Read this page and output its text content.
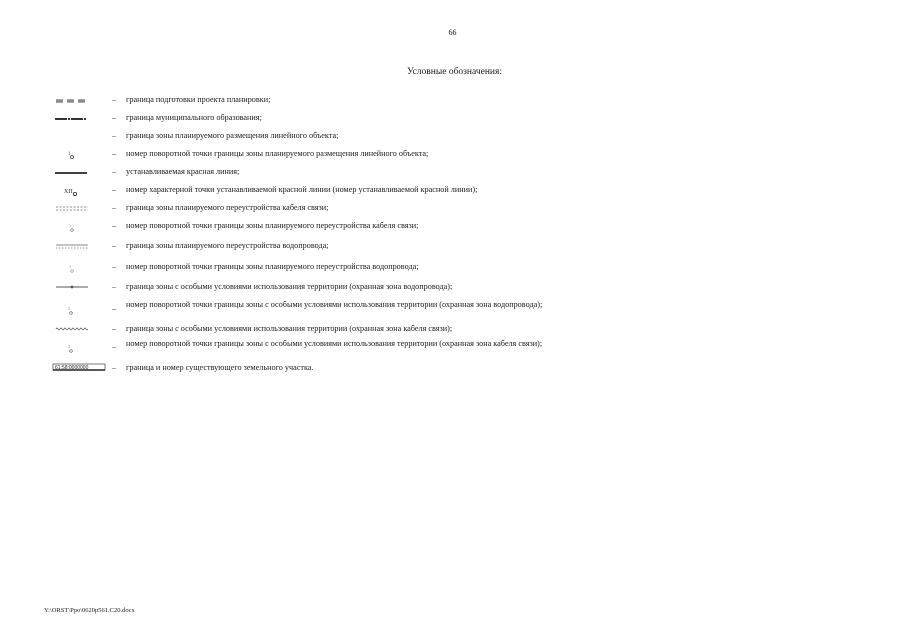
66
Условные обозначения:
–	граница подготовки проекта планировки;
–	граница муниципального образования;
–	граница зоны планируемого размещения линейного объекта;
1	–	номер поворотной точки границы зоны планируемого размещения линейного объекта;
–	устанавливаемая красная линия;
ХП	–	номер характерной точки устанавливаемой красной линии (номер устанавливаемой красной линии);
–	граница зоны планируемого переустройства кабеля связи;
1	–	номер поворотной точки границы зоны планируемого переустройства кабеля связи;
–	граница зоны планируемого переустройства водопровода;
1	–	номер поворотной точки границы зоны планируемого переустройства водопровода;
–	граница зоны с особыми условиями использования территории (охранная зона водопровода);
1	–	номер поворотной точки границы зоны с особыми условиями использования территории (охранная зона водопровода);
–	граница зоны с особыми условиями использования территории (охранная зона кабеля связи);
1	–	номер поворотной точки границы зоны с особыми условиями использования территории (охранная зона кабеля связи);
61:58:0000000	–	граница и номер существующего земельного участка.
Y:\ORST\Ppo\0620p561.C20.docx
